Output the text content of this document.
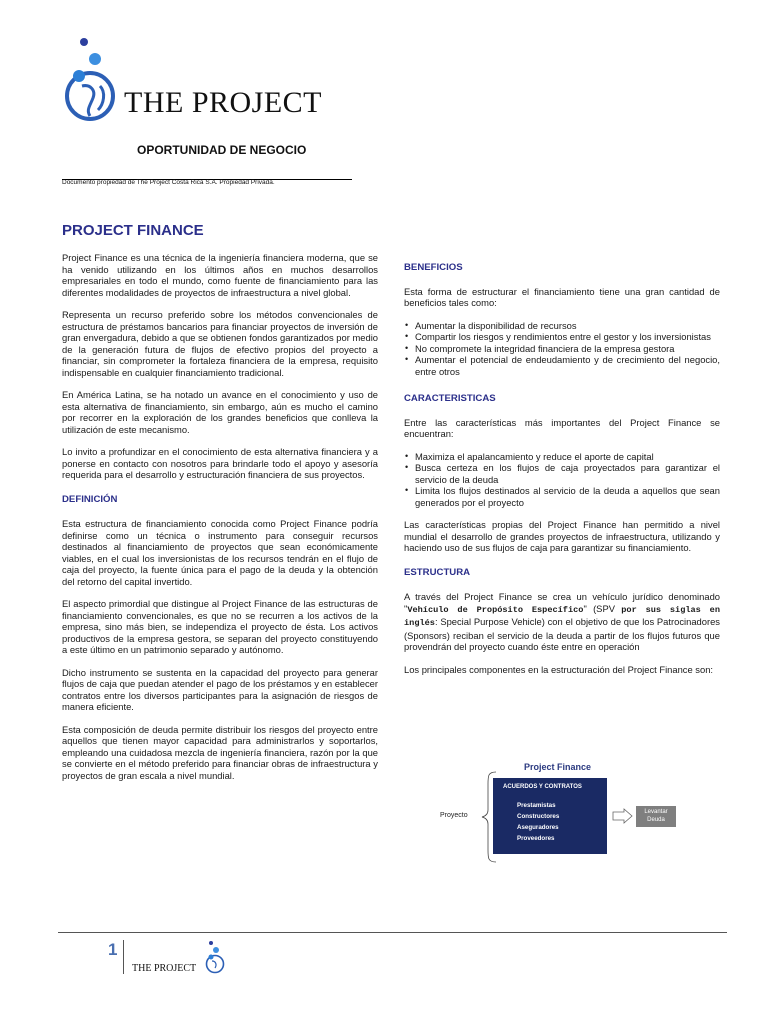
THE PROJECT
OPORTUNIDAD DE NEGOCIO
Documento propiedad de The Project Costa Rica S.A. Propiedad Privada.
PROJECT FINANCE

Project Finance es una técnica de la ingeniería financiera moderna, que se ha venido utilizando en los últimos años en muchos desarrollos empresariales en todo el mundo, como fuente de financiamiento para las diferentes modalidades de proyectos de infraestructura a nivel global.

Representa un recurso preferido sobre los métodos convencionales de estructura de préstamos bancarios para financiar proyectos de inversión de gran envergadura, debido a que se obtienen fondos garantizados por medio de la generación futura de flujos de efectivo propios del proyecto a financiar, sin comprometer la fortaleza financiera de la empresa, requisito indispensable en cualquier financiamiento tradicional.

En América Latina, se ha notado un avance en el conocimiento y uso de esta alternativa de financiamiento, sin embargo, aún es mucho el camino por recorrer en la exploración de los grandes beneficios que conlleva la utilización de este mecanismo.

Lo invito a profundizar en el conocimiento de esta alternativa financiera y a ponerse en contacto con nosotros para brindarle todo el apoyo y asesoría requerida para el desarrollo y estructuración financiera de sus proyectos.

DEFINICIÓN

Esta estructura de financiamiento conocida como Project Finance podría definirse como un técnica o instrumento para conseguir recursos destinados al financiamiento de proyectos que sean económicamente viables, en el cual los inversionistas de los recursos tendrán en el flujo de caja del proyecto, la fuente única para el pago de la deuda y la obtención del retorno del capital invertido.

El aspecto primordial que distingue al Project Finance de las estructuras de financiamiento convencionales, es que no se recurren a los activos de la empresa, sino más bien, se independiza el proyecto de ésta. Los activos productivos de la empresa gestora, se separan del proyecto constituyendo a este último en un patrimonio separado y autónomo.

Dicho instrumento se sustenta en la capacidad del proyecto para generar flujos de caja que puedan atender el pago de los préstamos y en establecer contratos entre los diversos participantes para la asignación de riesgos de manera eficiente.

Esta composición de deuda permite distribuir los riesgos del proyecto entre aquellos que tienen mayor capacidad para administrarlos y soportarlos, empleando una cuidadosa mezcla de ingeniería financiera, razón por la que se convierte en el método preferido para financiar obras de infraestructura y proyectos de gran escala a nivel mundial.

BENEFICIOS

Esta forma de estructurar el financiamiento tiene una gran cantidad de beneficios tales como:

• Aumentar la disponibilidad de recursos
• Compartir los riesgos y rendimientos entre el gestor y los inversionistas
• No compromete la integridad financiera de la empresa gestora
• Aumentar el potencial de endeudamiento y de crecimiento del negocio, entre otros
CARACTERISTICAS

Entre las características más importantes del Project Finance se encuentran:

• Maximiza el apalancamiento y reduce el aporte de capital
• Busca certeza en los flujos de caja proyectados para garantizar el servicio de la deuda
• Limita los flujos destinados al servicio de la deuda a aquellos que sean generados por el proyecto

Las características propias del Project Finance han permitido a nivel mundial el desarrollo de grandes proyectos de infraestructura, utilizando y haciendo uso de sus flujos de caja para garantizar su financiamiento.

ESTRUCTURA

A través del Project Finance se crea un vehículo jurídico denominado "Vehículo de Propósito Específico" (SPV por sus siglas en inglés: Special Purpose Vehicle) con el objetivo de que los Patrocinadores (Sponsors) reciban el servicio de la deuda a partir de los flujos futuros que provendrán del proyecto cuando éste entre en operación

Los principales componentes en la estructuración del Project Finance son:

Project Finance
Proyecto
ACUERDOS Y CONTRATOS
Prestamistas
Constructores
Aseguradores
Proveedores
Levantar Deuda
1
THE PROJECT
